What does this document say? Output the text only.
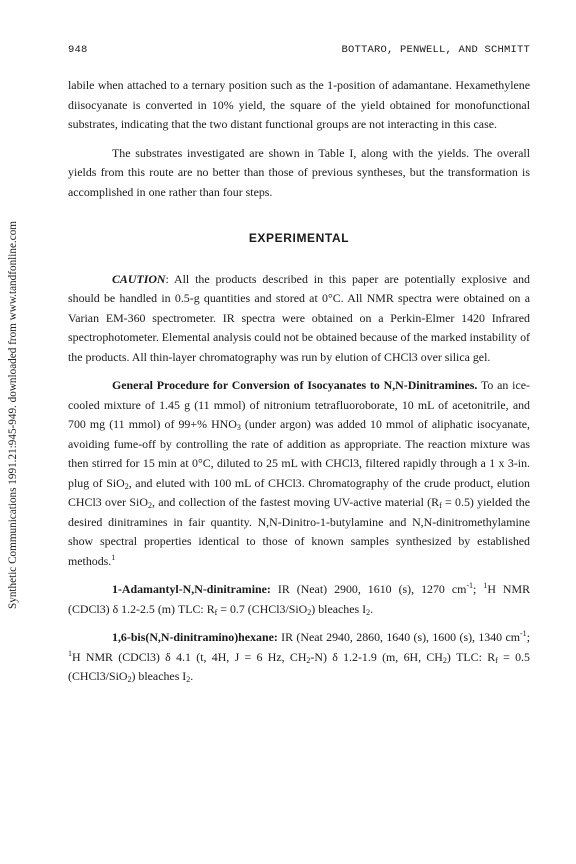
948	BOTTARO, PENWELL, AND SCHMITT
Synthetic Communications 1991.21:945-949. downloaded from www.tandfonline.com

labile when attached to a ternary position such as the 1-position of adamantane. Hexamethylene diisocyanate is converted in 10% yield, the square of the yield obtained for monofunctional substrates, indicating that the two distant functional groups are not interacting in this case.

The substrates investigated are shown in Table I, along with the yields. The overall yields from this route are no better than those of previous syntheses, but the transformation is accomplished in one rather than four steps.

EXPERIMENTAL

CAUTION: All the products described in this paper are potentially explosive and should be handled in 0.5-g quantities and stored at 0°C. All NMR spectra were obtained on a Varian EM-360 spectrometer. IR spectra were obtained on a Perkin-Elmer 1420 Infrared spectrophotometer. Elemental analysis could not be obtained because of the marked instability of the products. All thin-layer chromatography was run by elution of CHCl3 over silica gel.

General Procedure for Conversion of Isocyanates to N,N-Dinitramines. To an ice-cooled mixture of 1.45 g (11 mmol) of nitronium tetrafluoroborate, 10 mL of acetonitrile, and 700 mg (11 mmol) of 99+% $HNO_3$ (under argon) was added 10 mmol of aliphatic isocyanate, avoiding fume-off by controlling the rate of addition as appropriate. The reaction mixture was then stirred for 15 min at 0°C, diluted to 25 mL with CHCl3, filtered rapidly through a 1 x 3-in. plug of SiO$_2$, and eluted with 100 mL of CHCl3. Chromatography of the crude product, elution CHCl3 over SiO$_2$, and collection of the fastest moving UV-active material $(R_f = 0.5)$ yielded the desired dinitramines in fair quantity. N,N-Dinitro-1-butylamine and N,N-dinitromethylamine show spectral properties identical to those of known samples synthesized by established methods.$^1$

1-Adamantyl-N,N-dinitramine: IR (Neat) 2900, 1610 (s), 1270 $cm^{-1}$; $^1$H NMR (CDCl3) δ 1.2-2.5 (m) TLC: $R_f = 0.7$ (CHCl3/SiO$_2$) bleaches $I_2$.

1,6-bis(N,N-dinitramino)hexane: IR (Neat 2940, 2860, 1640 (s), 1600 (s), 1340 $cm^{-1}$; $^1$H NMR (CDCl3) δ 4.1 (t, 4H, J = 6 Hz, $CH_2-N$) δ 1.2-1.9 (m, 6H, $CH_2$) TLC: $R_f = 0.5$ (CHCl3/SiO$_2$) bleaches $I_2$.
